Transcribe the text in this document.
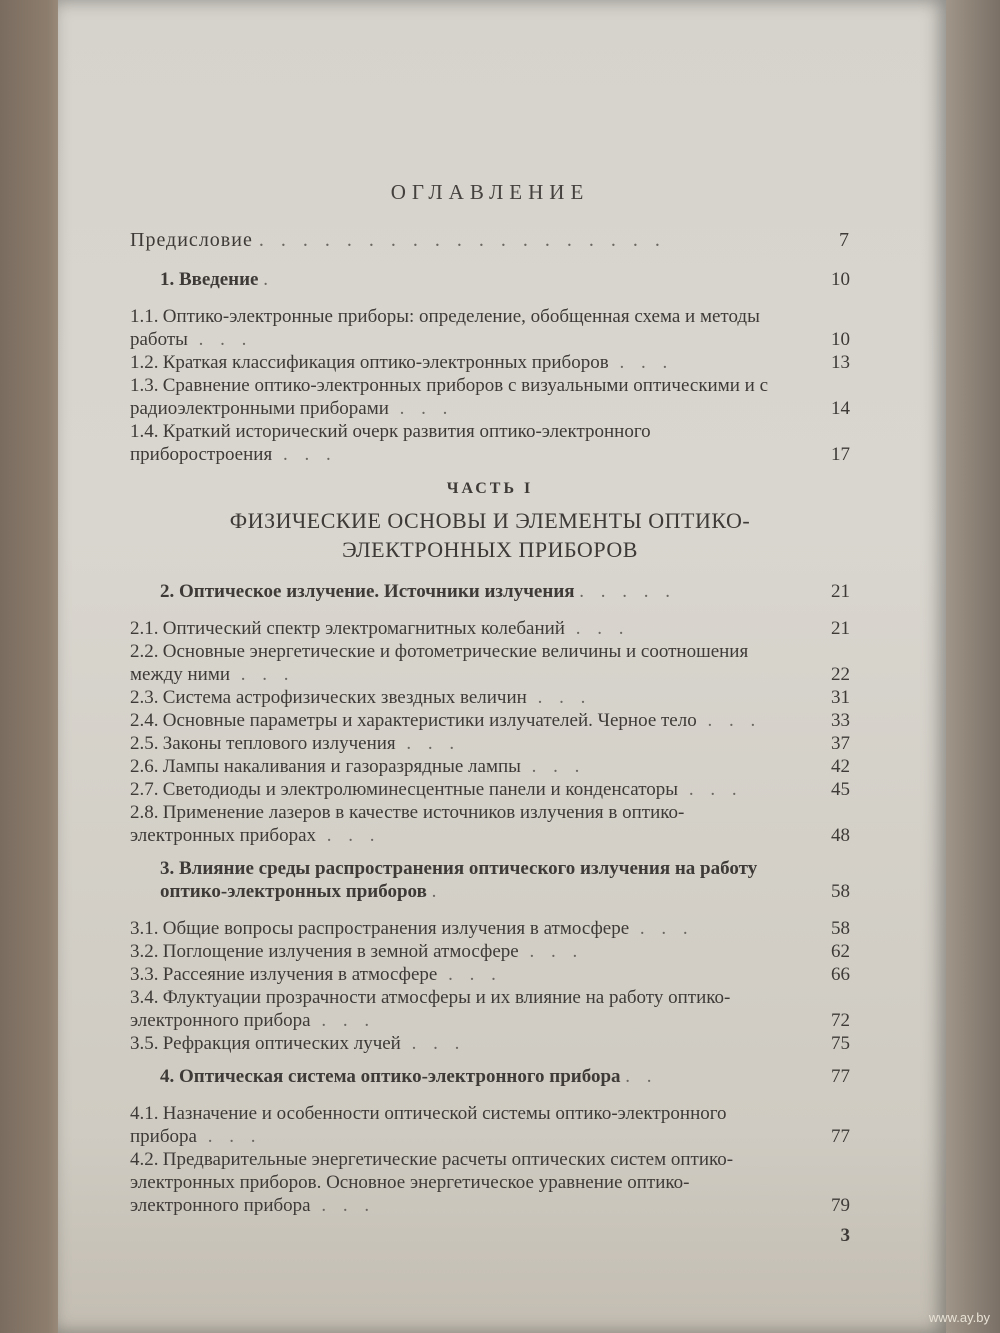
ОГЛАВЛЕНИЕ
Предисловие . . . . . . . . . . . . . . . . . . .	7
1. Введение .	10
1.1. Оптико-электронные приборы: определение, обобщенная схема и методы работы . . .	10
1.2. Краткая классификация оптико-электронных приборов . . .	13
1.3. Сравнение оптико-электронных приборов с визуальными оптическими и с радиоэлектронными приборами . . .	14
1.4. Краткий исторический очерк развития оптико-электронного приборостроения . . .	17
ЧАСТЬ I
ФИЗИЧЕСКИЕ ОСНОВЫ И ЭЛЕМЕНТЫ ОПТИКО-
ЭЛЕКТРОННЫХ ПРИБОРОВ
2. Оптическое излучение. Источники излучения . . . . .	21
2.1. Оптический спектр электромагнитных колебаний . . .	21
2.2. Основные энергетические и фотометрические величины и соотношения между ними . . .	22
2.3. Система астрофизических звездных величин . . .	31
2.4. Основные параметры и характеристики излучателей. Черное тело . . .	33
2.5. Законы теплового излучения . . .	37
2.6. Лампы накаливания и газоразрядные лампы . . .	42
2.7. Светодиоды и электролюминесцентные панели и конденсаторы . . .	45
2.8. Применение лазеров в качестве источников излучения в оптико-электронных приборах . . .	48
3. Влияние среды распространения оптического излучения на работу оптико-электронных приборов .	58
3.1. Общие вопросы распространения излучения в атмосфере . . .	58
3.2. Поглощение излучения в земной атмосфере . . .	62
3.3. Рассеяние излучения в атмосфере . . .	66
3.4. Флуктуации прозрачности атмосферы и их влияние на работу оптико-электронного прибора . . .	72
3.5. Рефракция оптических лучей . . .	75
4. Оптическая система оптико-электронного прибора . .	77
4.1. Назначение и особенности оптической системы оптико-электронного прибора . . .	77
4.2. Предварительные энергетические расчеты оптических систем оптико-электронных приборов. Основное энергетическое уравнение оптико-электронного прибора . . .	79
3
www.ay.by
